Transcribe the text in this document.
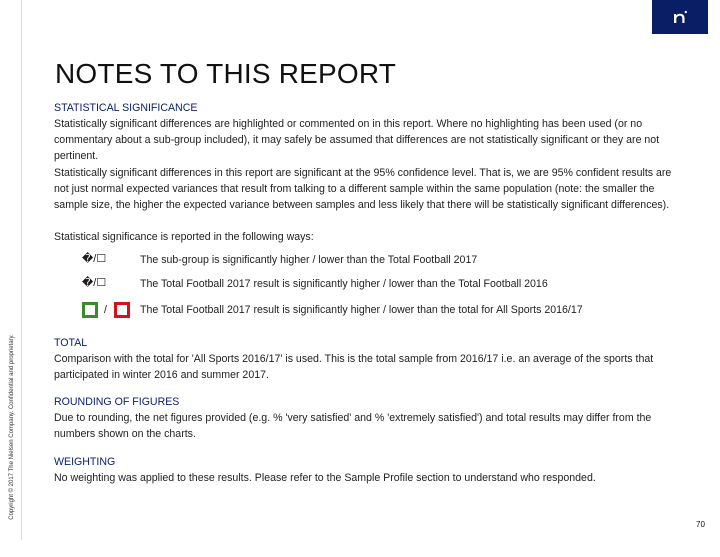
NOTES TO THIS REPORT
STATISTICAL SIGNIFICANCE
Statistically significant differences are highlighted or commented on in this report. Where no highlighting has been used (or no commentary about a sub-group included), it may safely be assumed that differences are not statistically significant or they are not pertinent.
Statistically significant differences in this report are significant at the 95% confidence level. That is, we are 95% confident results are not just normal expected variances that result from talking to a different sample within the same population (note: the smaller the sample size, the higher the expected variance between samples and less likely that there will be statistically significant differences).
Statistical significance is reported in the following ways:
�/☐	The sub-group is significantly higher / lower than the Total Football 2017
�/☐	The Total Football 2017 result is significantly higher / lower than the Total Football 2016
/	The Total Football 2017 result is significantly higher / lower than the total for All Sports 2016/17
TOTAL
Comparison with the total for 'All Sports 2016/17' is used. This is the total sample from 2016/17 i.e. an average of the sports that participated in winter 2016 and summer 2017.
ROUNDING OF FIGURES
Due to rounding, the net figures provided (e.g. % 'very satisfied' and % 'extremely satisfied') and total results may differ from the numbers shown on the charts.
WEIGHTING
No weighting was applied to these results. Please refer to the Sample Profile section to understand who responded.
Copyright © 2017 The Nielsen Company. Confidential and proprietary.
70
